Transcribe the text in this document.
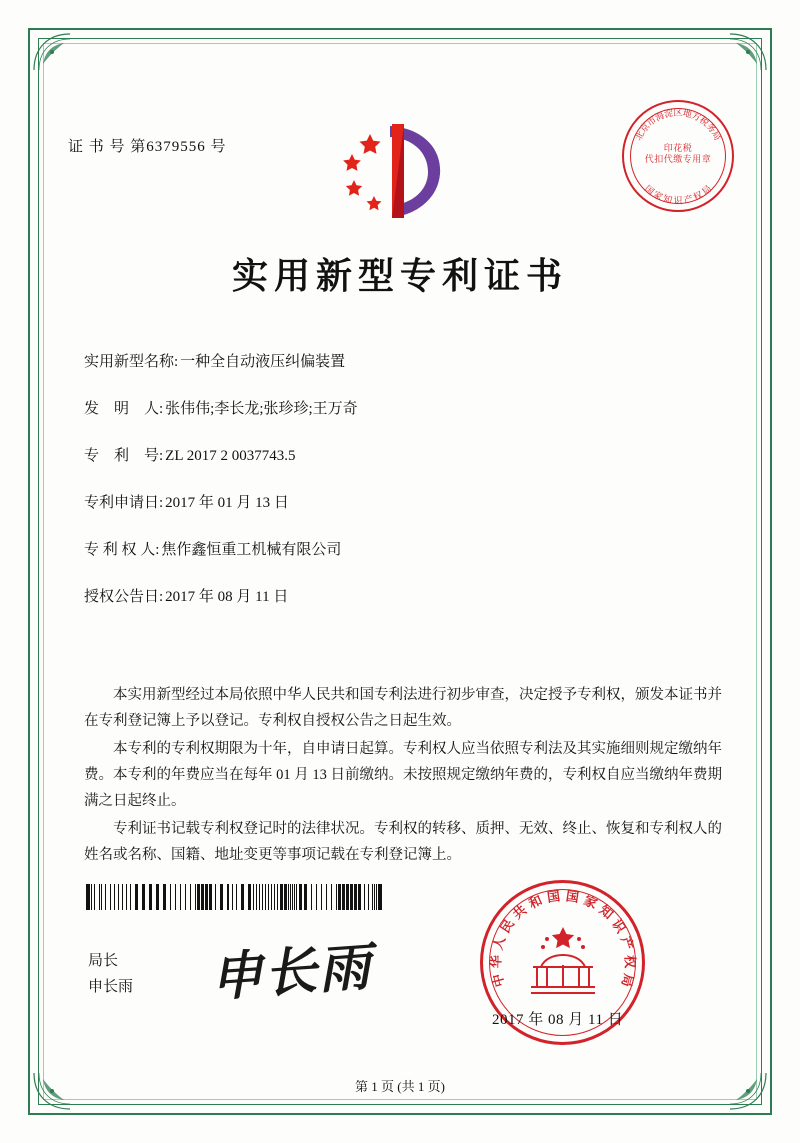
证 书 号 第6379556 号
北
京
市
海
淀 区 地
方
税
务
局
国
家
知 识 产
权
局
印花税
代扣代缴专用章
实用新型专利证书
实用新型名称: 一种全自动液压纠偏装置
发　明　人: 张伟伟;李长龙;张珍珍;王万奇
专　利　号: ZL 2017 2 0037743.5
专利申请日: 2017 年 01 月 13 日
专 利 权 人: 焦作鑫恒重工机械有限公司
授权公告日: 2017 年 08 月 11 日

本实用新型经过本局依照中华人民共和国专利法进行初步审查，决定授予专利权，颁发本证书并在专利登记簿上予以登记。专利权自授权公告之日起生效。

本专利的专利权期限为十年，自申请日起算。专利权人应当依照专利法及其实施细则规定缴纳年费。本专利的年费应当在每年 01 月 13 日前缴纳。未按照规定缴纳年费的，专利权自应当缴纳年费期满之日起终止。

专利证书记载专利权登记时的法律状况。专利权的转移、质押、无效、终止、恢复和专利权人的姓名或名称、国籍、地址变更等事项记载在专利登记簿上。

局长
申长雨 申长雨	中
华
人
民
共
和 国 国 家
知
识
产
权
局
2017 年 08 月 11 日
第 1 页 (共 1 页)
